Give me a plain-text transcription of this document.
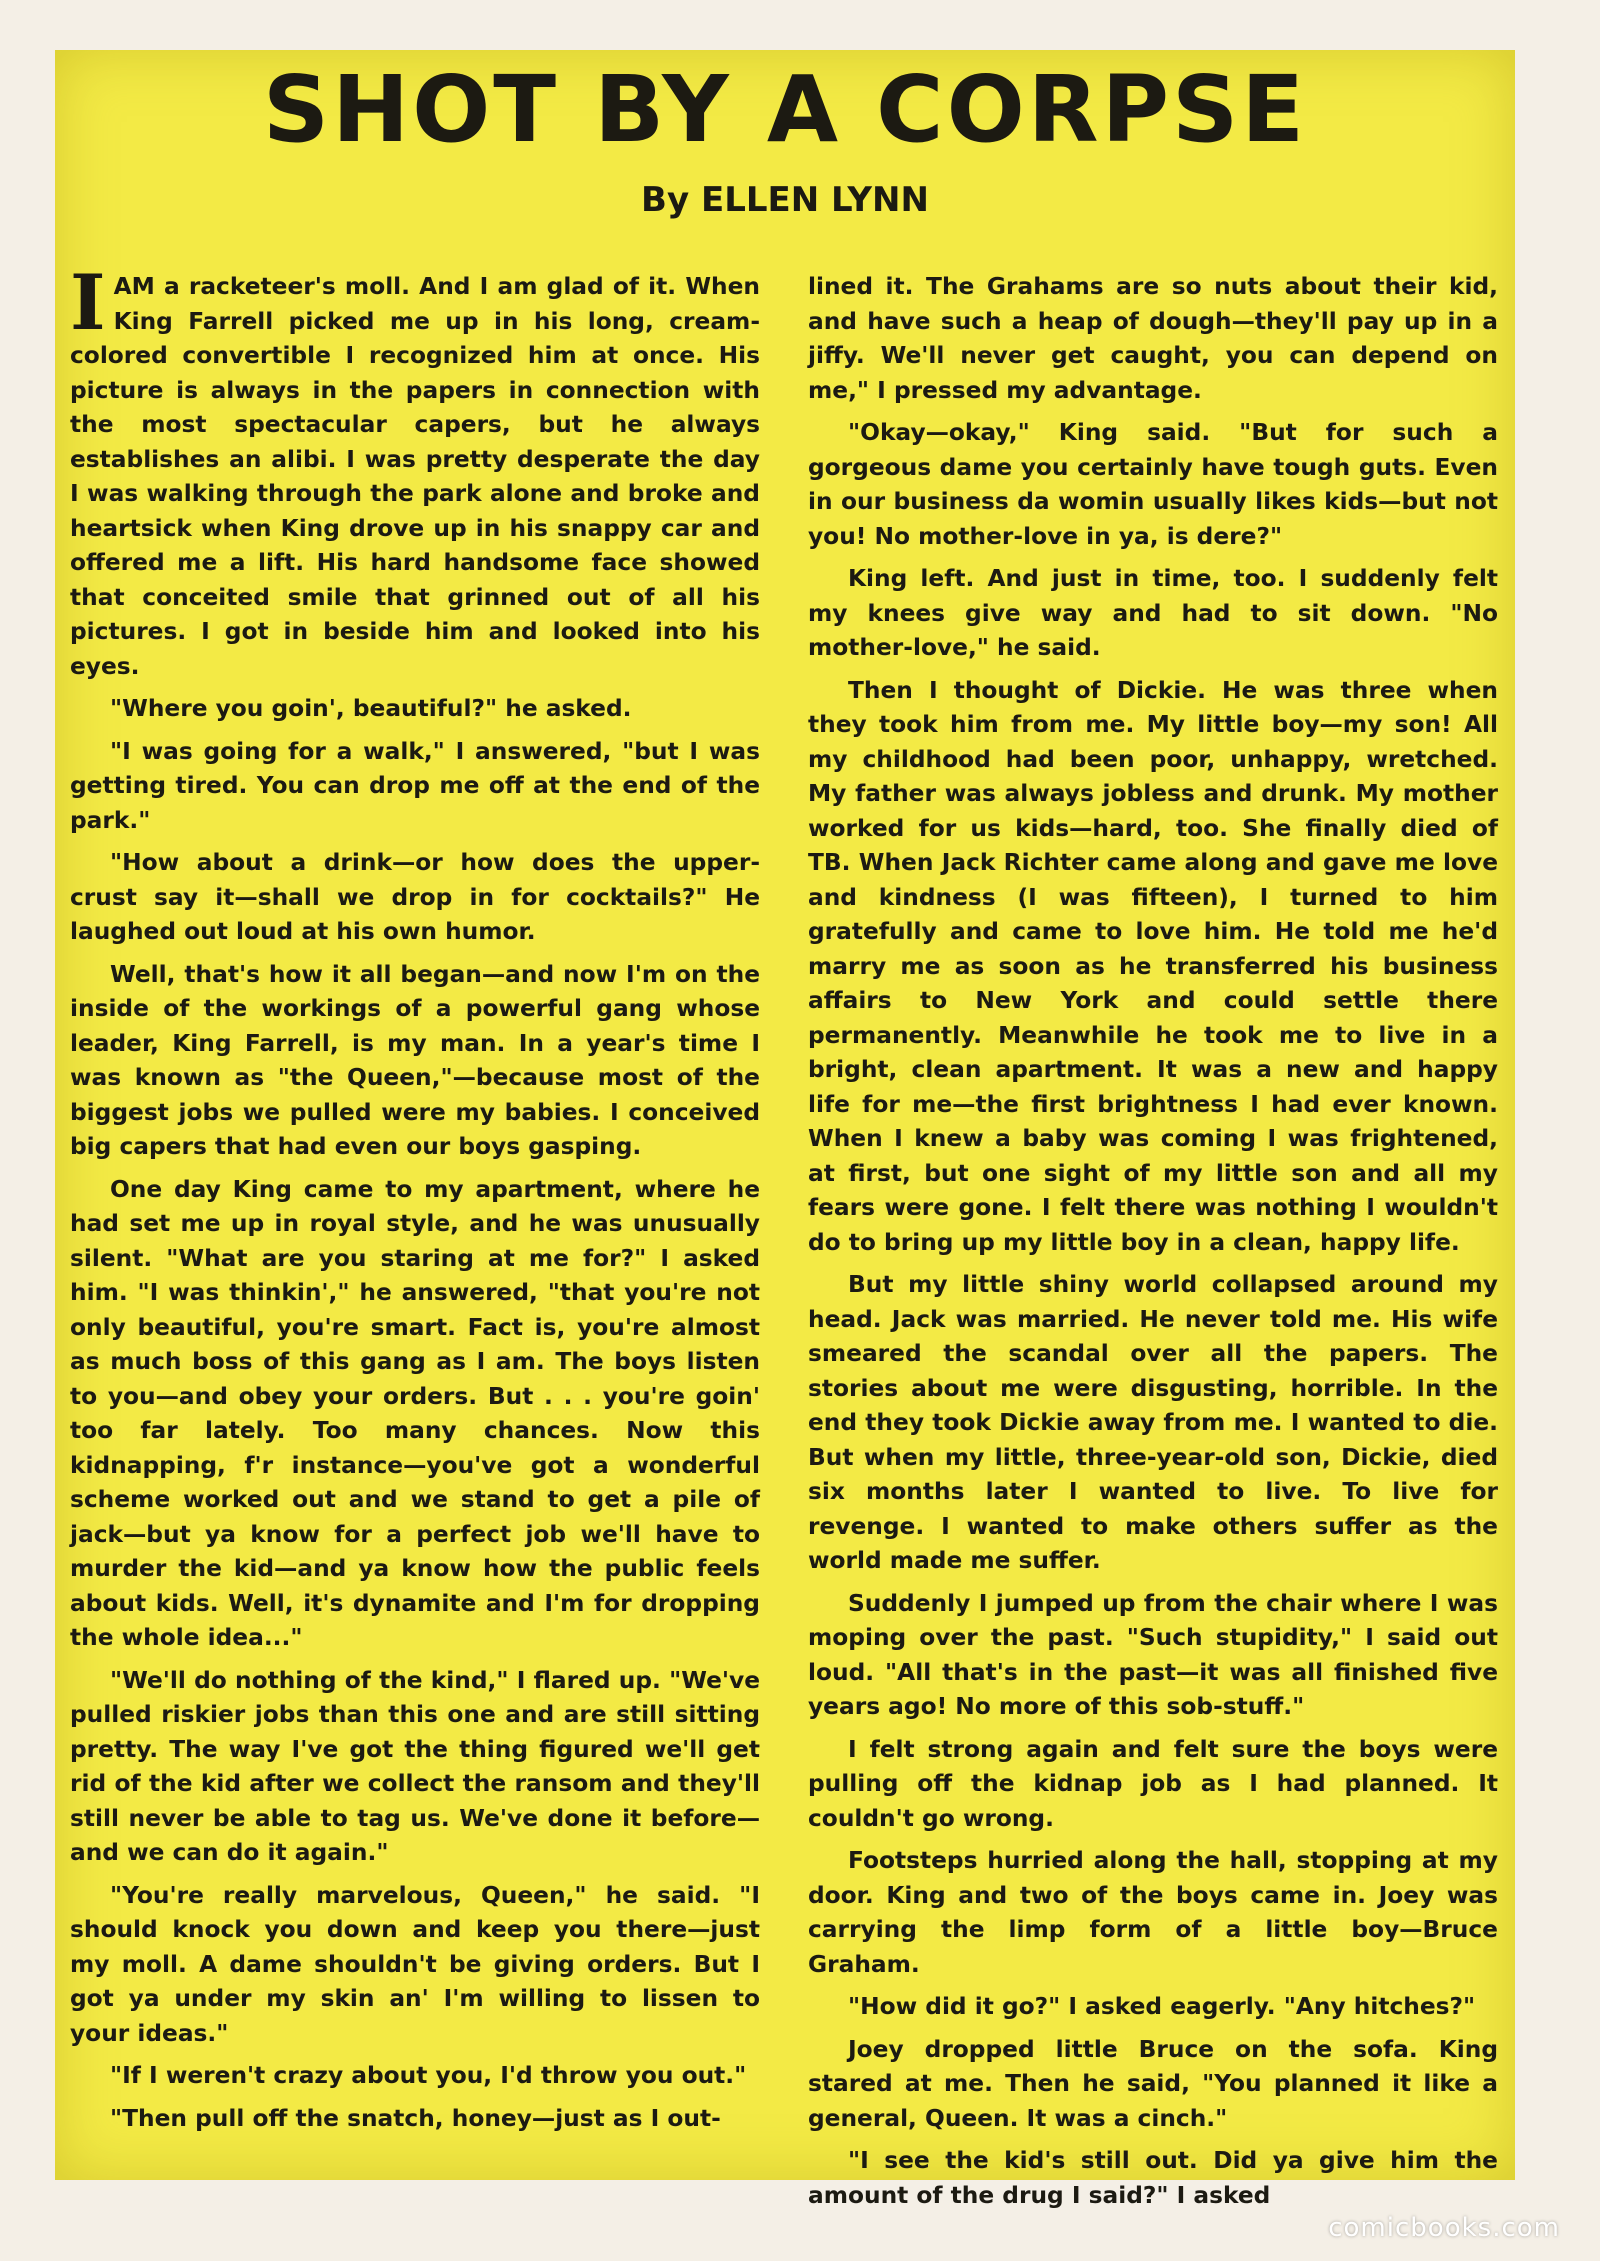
SHOT BY A CORPSE
By ELLEN LYNN

IAM a racketeer's moll. And I am glad of it. When King Farrell picked me up in his long, cream-colored convertible I recognized him at once. His picture is always in the papers in connection with the most spectacular capers, but he always establishes an alibi. I was pretty desperate the day I was walking through the park alone and broke and heartsick when King drove up in his snappy car and offered me a lift. His hard handsome face showed that conceited smile that grinned out of all his pictures. I got in beside him and looked into his eyes.

"Where you goin', beautiful?" he asked.

"I was going for a walk," I answered, "but I was getting tired. You can drop me off at the end of the park."

"How about a drink—or how does the upper-crust say it—shall we drop in for cocktails?" He laughed out loud at his own humor.

Well, that's how it all began—and now I'm on the inside of the workings of a powerful gang whose leader, King Farrell, is my man. In a year's time I was known as "the Queen,"—because most of the biggest jobs we pulled were my babies. I conceived big capers that had even our boys gasping.

One day King came to my apartment, where he had set me up in royal style, and he was unusually silent. "What are you staring at me for?" I asked him. "I was thinkin'," he answered, "that you're not only beautiful, you're smart. Fact is, you're almost as much boss of this gang as I am. The boys listen to you—and obey your orders. But . . . you're goin' too far lately. Too many chances. Now this kidnapping, f'r instance—you've got a wonderful scheme worked out and we stand to get a pile of jack—but ya know for a perfect job we'll have to murder the kid—and ya know how the public feels about kids. Well, it's dynamite and I'm for dropping the whole idea..."

"We'll do nothing of the kind," I flared up. "We've pulled riskier jobs than this one and are still sitting pretty. The way I've got the thing figured we'll get rid of the kid after we collect the ransom and they'll still never be able to tag us. We've done it before—and we can do it again."

"You're really marvelous, Queen," he said. "I should knock you down and keep you there—just my moll. A dame shouldn't be giving orders. But I got ya under my skin an' I'm willing to lissen to your ideas."

"If I weren't crazy about you, I'd throw you out."

"Then pull off the snatch, honey—just as I out-

lined it. The Grahams are so nuts about their kid, and have such a heap of dough—they'll pay up in a jiffy. We'll never get caught, you can depend on me," I pressed my advantage.

"Okay—okay," King said. "But for such a gorgeous dame you certainly have tough guts. Even in our business da womin usually likes kids—but not you! No mother-love in ya, is dere?"

King left. And just in time, too. I suddenly felt my knees give way and had to sit down. "No mother-love," he said.

Then I thought of Dickie. He was three when they took him from me. My little boy—my son! All my childhood had been poor, unhappy, wretched. My father was always jobless and drunk. My mother worked for us kids—hard, too. She finally died of TB. When Jack Richter came along and gave me love and kindness (I was fifteen), I turned to him gratefully and came to love him. He told me he'd marry me as soon as he transferred his business affairs to New York and could settle there permanently. Meanwhile he took me to live in a bright, clean apartment. It was a new and happy life for me—the first brightness I had ever known. When I knew a baby was coming I was frightened, at first, but one sight of my little son and all my fears were gone. I felt there was nothing I wouldn't do to bring up my little boy in a clean, happy life.

But my little shiny world collapsed around my head. Jack was married. He never told me. His wife smeared the scandal over all the papers. The stories about me were disgusting, horrible. In the end they took Dickie away from me. I wanted to die. But when my little, three-year-old son, Dickie, died six months later I wanted to live. To live for revenge. I wanted to make others suffer as the world made me suffer.

Suddenly I jumped up from the chair where I was moping over the past. "Such stupidity," I said out loud. "All that's in the past—it was all finished five years ago! No more of this sob-stuff."

I felt strong again and felt sure the boys were pulling off the kidnap job as I had planned. It couldn't go wrong.

Footsteps hurried along the hall, stopping at my door. King and two of the boys came in. Joey was carrying the limp form of a little boy—Bruce Graham.

"How did it go?" I asked eagerly. "Any hitches?"

Joey dropped little Bruce on the sofa. King stared at me. Then he said, "You planned it like a general, Queen. It was a cinch."

"I see the kid's still out. Did ya give him the amount of the drug I said?" I asked

comicbooks.com
